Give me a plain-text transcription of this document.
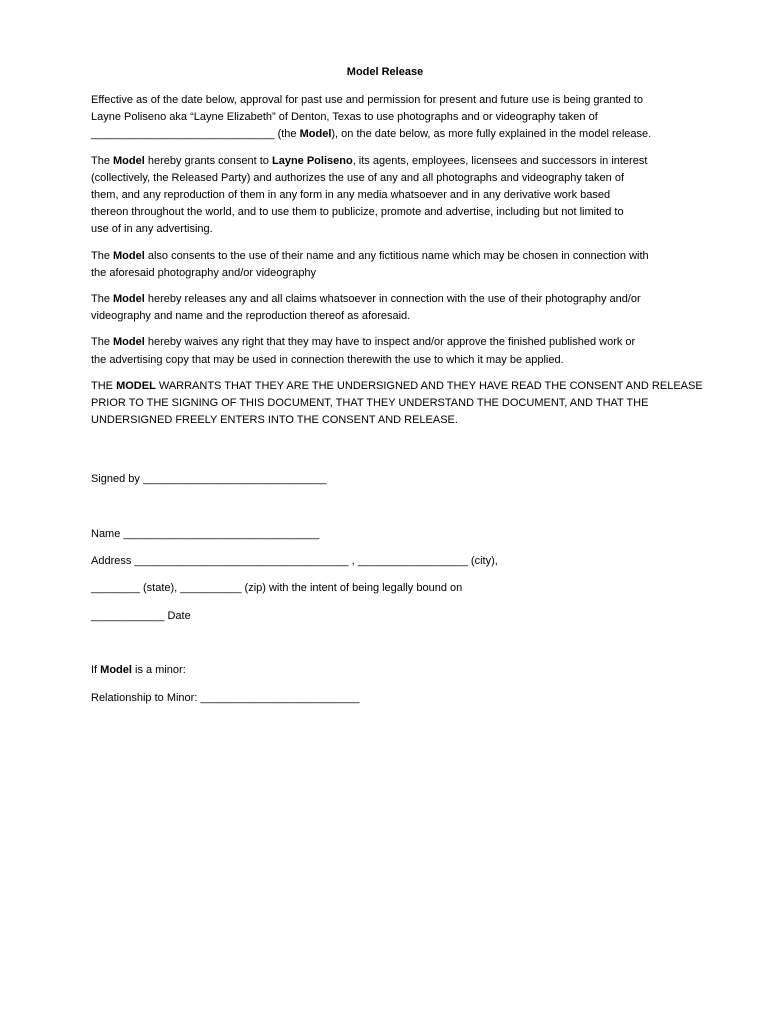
Model Release

Effective as of the date below, approval for past use and permission for present and future use is being granted to
Layne Poliseno aka “Layne Elizabeth” of Denton, Texas to use photographs and or videography taken of
______________________________ (the Model), on the date below, as more fully explained in the model release.

The Model hereby grants consent to Layne Poliseno, its agents, employees, licensees and successors in interest
(collectively, the Released Party) and authorizes the use of any and all photographs and videography taken of
them, and any reproduction of them in any form in any media whatsoever and in any derivative work based
thereon throughout the world, and to use them to publicize, promote and advertise, including but not limited to
use of in any advertising.

The Model also consents to the use of their name and any fictitious name which may be chosen in connection with
the aforesaid photography and/or videography

The Model hereby releases any and all claims whatsoever in connection with the use of their photography and/or
videography and name and the reproduction thereof as aforesaid.

The Model hereby waives any right that they may have to inspect and/or approve the finished published work or
the advertising copy that may be used in connection therewith the use to which it may be applied.

THE MODEL WARRANTS THAT THEY ARE THE UNDERSIGNED AND THEY HAVE READ THE CONSENT AND RELEASE
PRIOR TO THE SIGNING OF THIS DOCUMENT, THAT THEY UNDERSTAND THE DOCUMENT, AND THAT THE
UNDERSIGNED FREELY ENTERS INTO THE CONSENT AND RELEASE.

Signed by ______________________________
Name ________________________________
Address ___________________________________ , __________________ (city),
________ (state), __________ (zip) with the intent of being legally bound on
____________ Date
If Model is a minor:
Relationship to Minor: __________________________
